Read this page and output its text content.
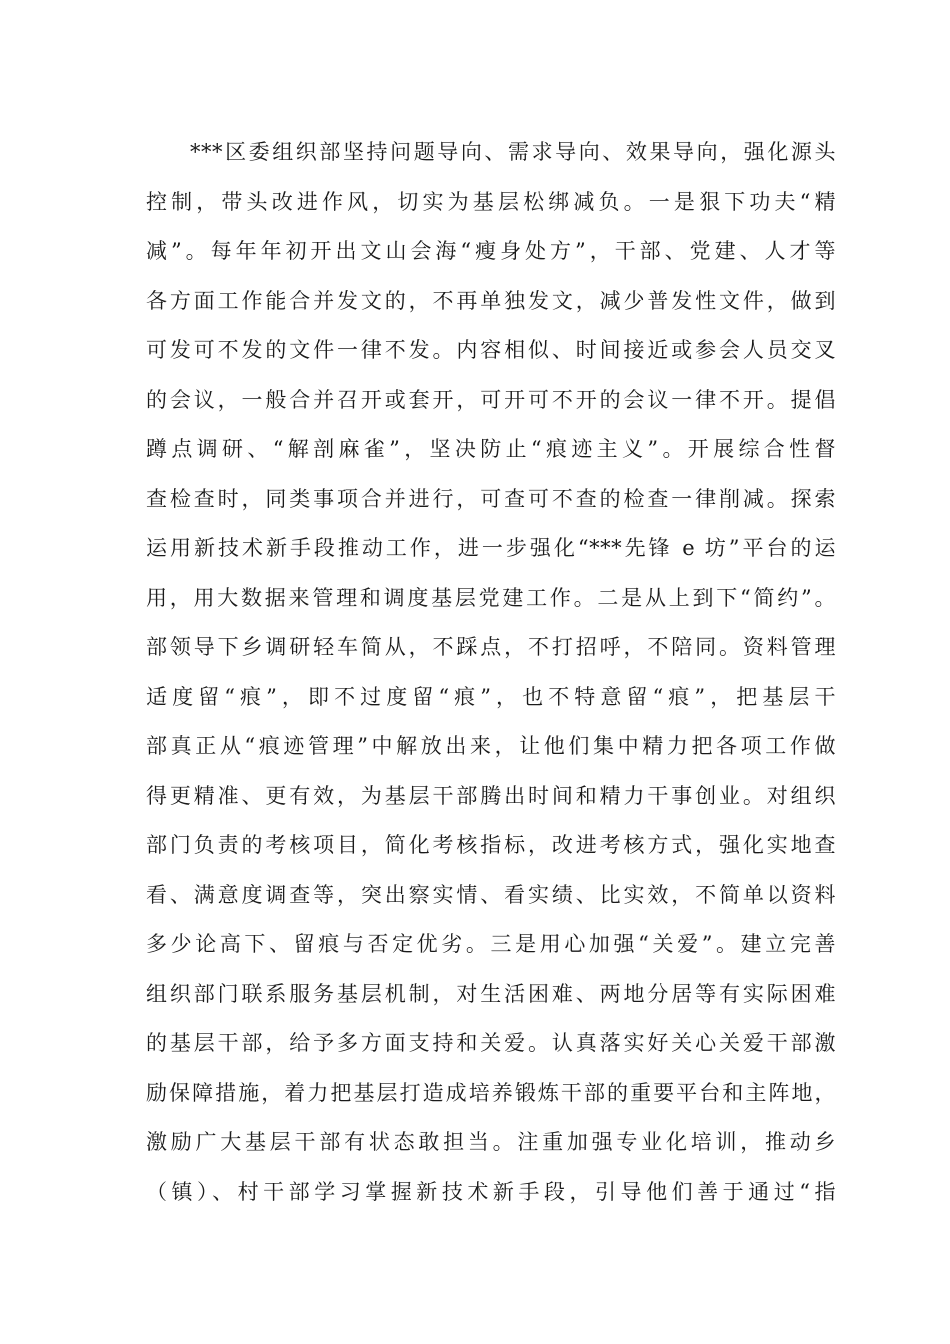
***区委组织部坚持问题导向、需求导向、效果导向，强化源头
控制，带头改进作风，切实为基层松绑减负。一是狠下功夫“精
减”。每年年初开出文山会海“瘦身处方”，干部、党建、人才等
各方面工作能合并发文的，不再单独发文，减少普发性文件，做到
可发可不发的文件一律不发。内容相似、时间接近或参会人员交叉
的会议，一般合并召开或套开，可开可不开的会议一律不开。提倡
蹲点调研、“解剖麻雀”，坚决防止“痕迹主义”。开展综合性督
查检查时，同类事项合并进行，可查可不查的检查一律削减。探索
运用新技术新手段推动工作，进一步强化“***先锋 e 坊”平台的运
用，用大数据来管理和调度基层党建工作。二是从上到下“简约”。
部领导下乡调研轻车简从，不踩点，不打招呼，不陪同。资料管理
适度留“痕”，即不过度留“痕”，也不特意留“痕”，把基层干
部真正从“痕迹管理”中解放出来，让他们集中精力把各项工作做
得更精准、更有效，为基层干部腾出时间和精力干事创业。对组织
部门负责的考核项目，简化考核指标，改进考核方式，强化实地查
看、满意度调查等，突出察实情、看实绩、比实效，不简单以资料
多少论高下、留痕与否定优劣。三是用心加强“关爱”。建立完善
组织部门联系服务基层机制，对生活困难、两地分居等有实际困难
的基层干部，给予多方面支持和关爱。认真落实好关心关爱干部激
励保障措施，着力把基层打造成培养锻炼干部的重要平台和主阵地，
激励广大基层干部有状态敢担当。注重加强专业化培训，推动乡
（镇）、村干部学习掌握新技术新手段，引导他们善于通过“指
